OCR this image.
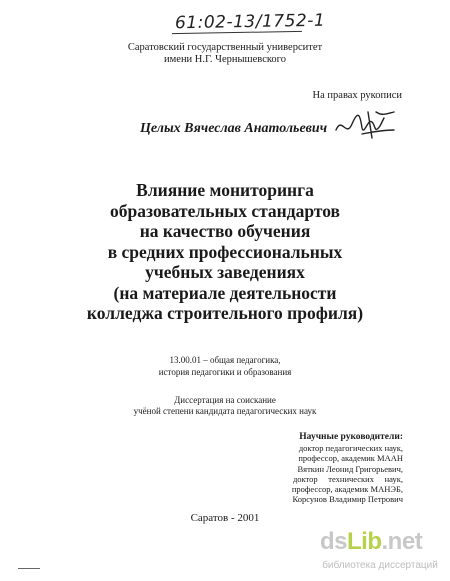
61:02-13/1752-1
Саратовский государственный университет
имени Н.Г. Чернышевского
На правах рукописи
Целых Вячеслав Анатольевич
Влияние мониторинга
образовательных стандартов
на качество обучения
в средних профессиональных
учебных заведениях
(на материале деятельности
колледжа строительного профиля)
13.00.01 – общая педагогика,
история педагогики и образования
Диссертация на соискание
учёной степени кандидата педагогических наук
Научные руководители:
доктор педагогических наук,
профессор, академик МААН
Вяткин Леонид Григорьевич,
доктор     технических     наук,
профессор, академик МАНЭБ,
Корсунов Владимир Петрович
Саратов - 2001
dsLib.net
библиотека диссертаций
